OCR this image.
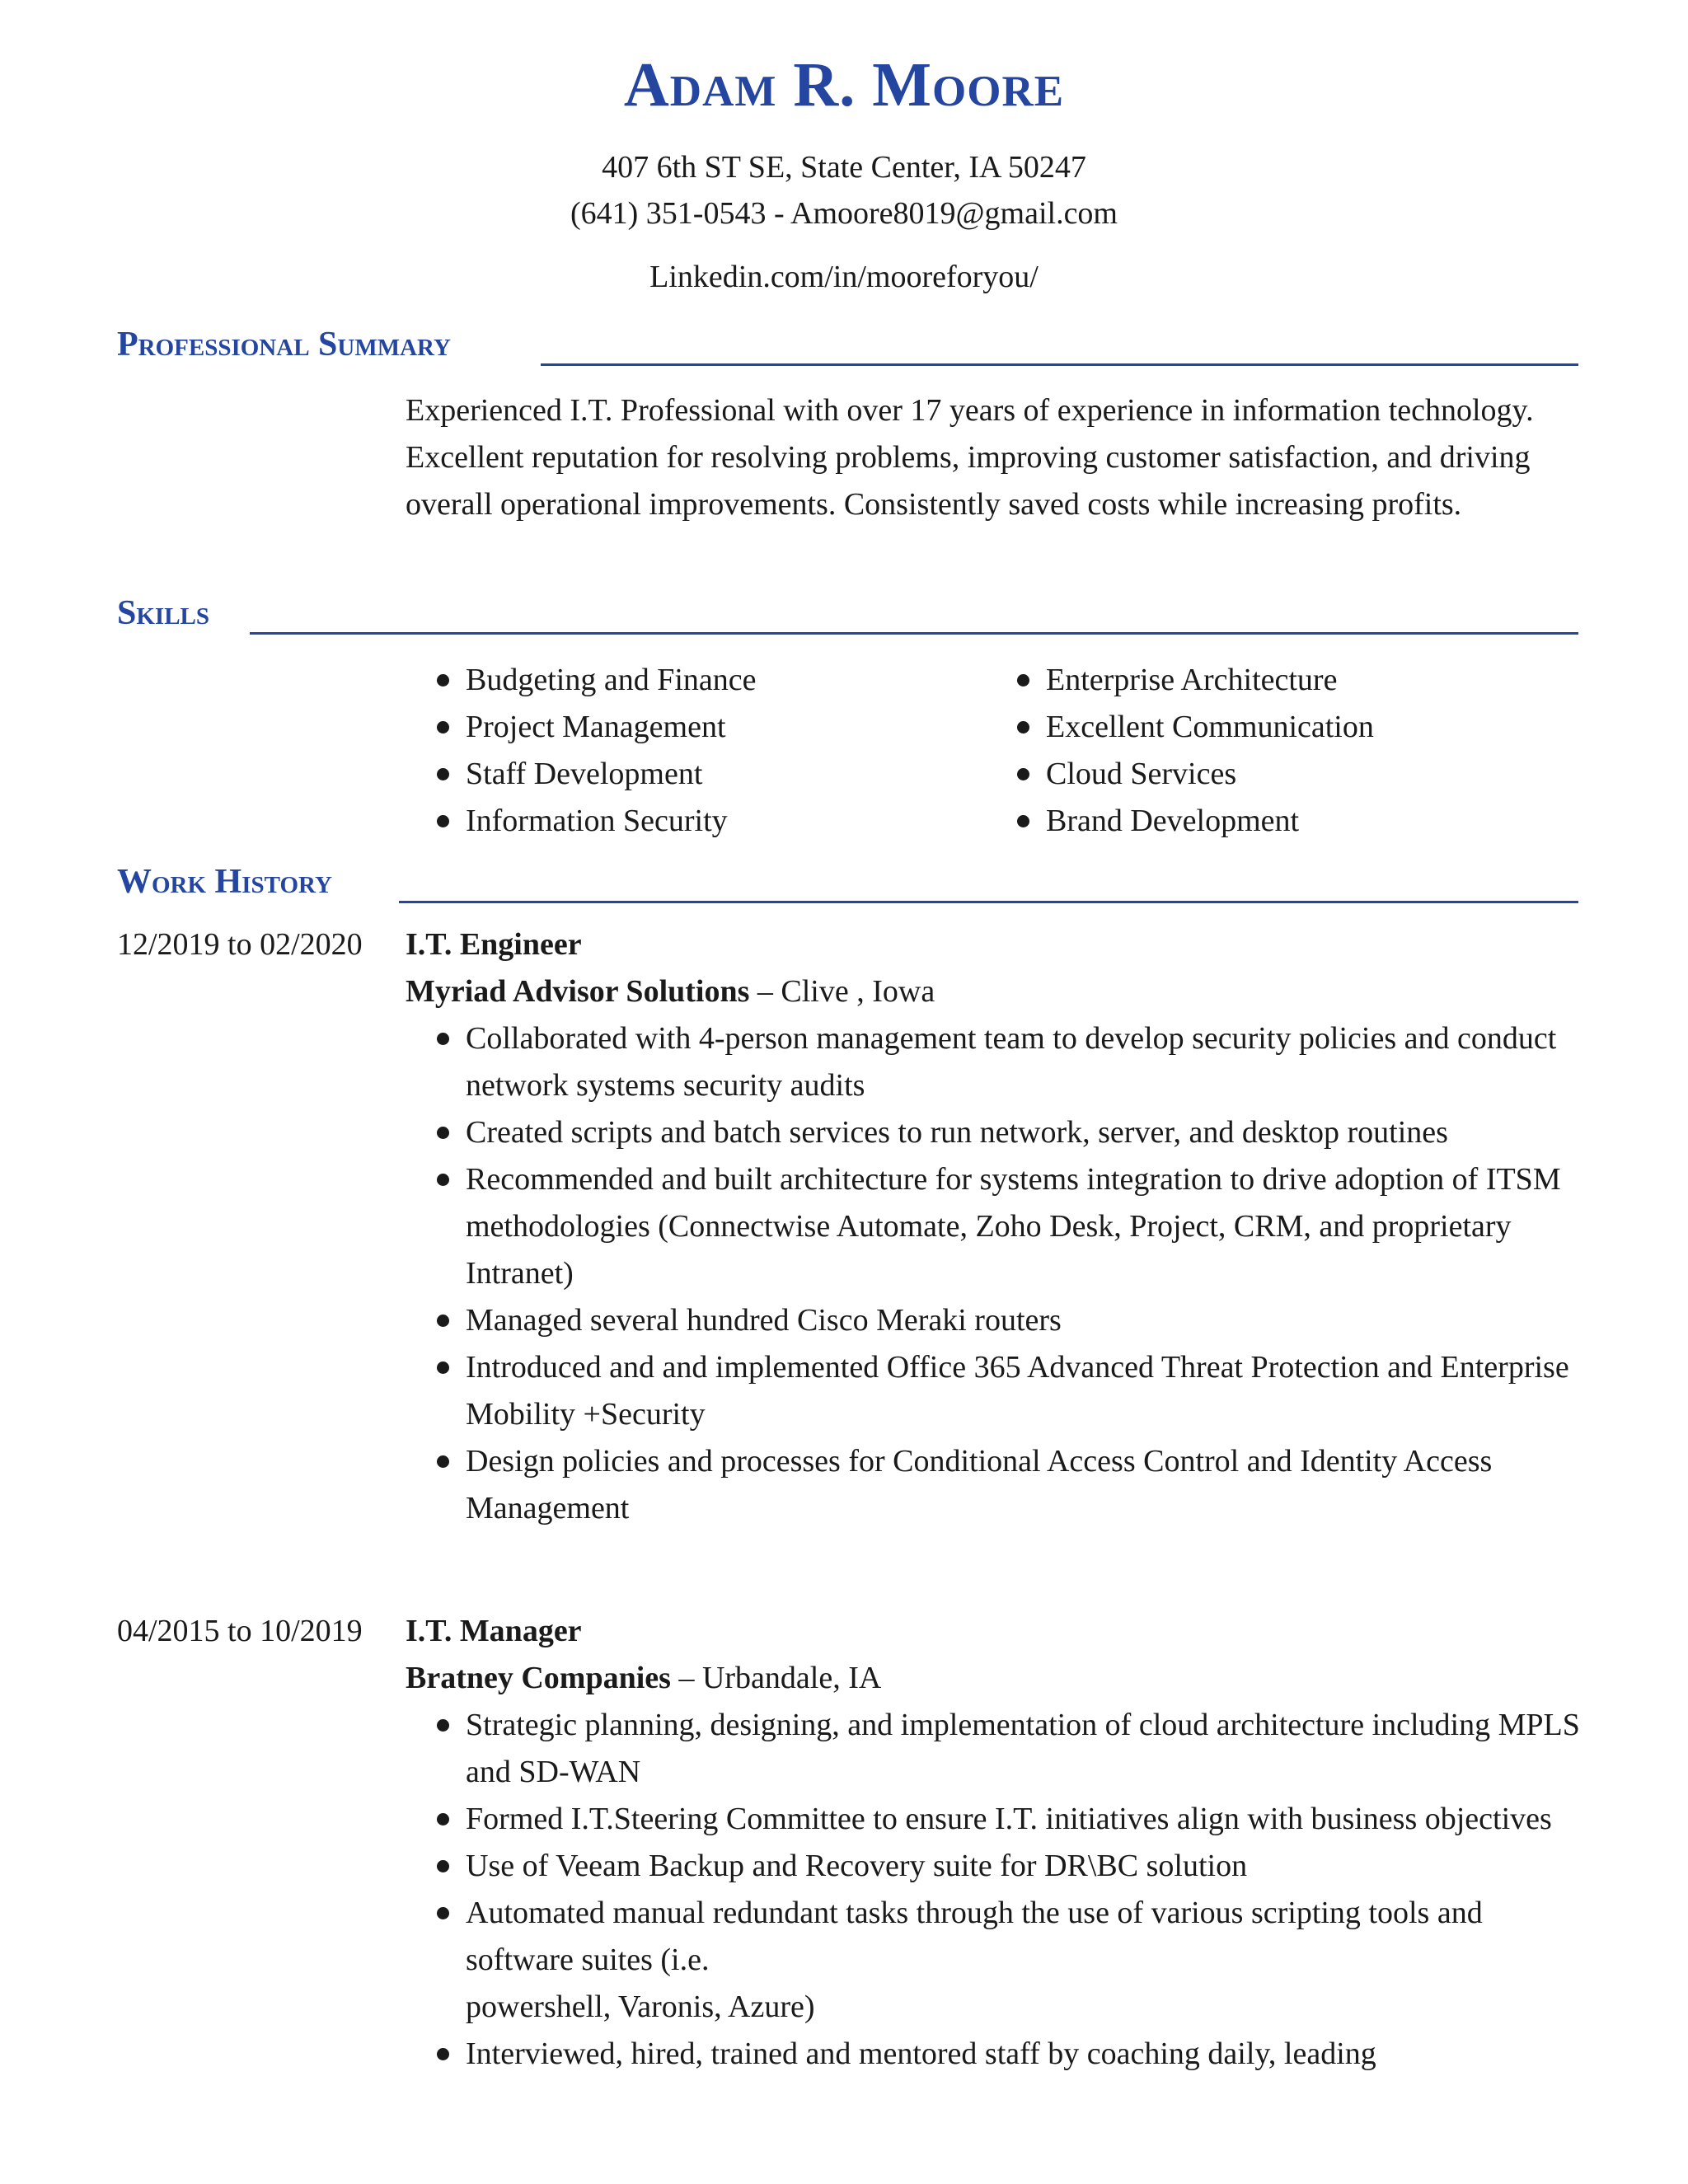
Adam R. Moore

407 6th ST SE, State Center, IA 50247

(641) 351-0543 - Amoore8019@gmail.com

Linkedin.com/in/mooreforyou/

Professional Summary

Experienced I.T. Professional with over 17 years of experience in information technology. Excellent reputation for resolving problems, improving customer satisfaction, and driving overall operational improvements. Consistently saved costs while increasing profits.

Skills
Budgeting and Finance
Project Management
Staff Development
Information Security
Enterprise Architecture
Excellent Communication
Cloud Services
Brand Development
Work History
12/2019 to 02/2020 I.T. Engineer

Myriad Advisor Solutions – Clive , Iowa

Collaborated with 4-person management team to develop security policies and conduct network systems security audits
Created scripts and batch services to run network, server, and desktop routines
Recommended and built architecture for systems integration to drive adoption of ITSM methodologies (Connectwise Automate, Zoho Desk, Project, CRM, and proprietary Intranet)
Managed several hundred Cisco Meraki routers
Introduced and and implemented Office 365 Advanced Threat Protection and Enterprise Mobility +Security
Design policies and processes for Conditional Access Control and Identity Access Management
04/2015 to 10/2019 I.T. Manager

Bratney Companies – Urbandale, IA

Strategic planning, designing, and implementation of cloud architecture including MPLS and SD-WAN
Formed I.T.Steering Committee to ensure I.T. initiatives align with business objectives
Use of Veeam Backup and Recovery suite for DR\BC solution
Automated manual redundant tasks through the use of various scripting tools and software suites (i.e.
powershell, Varonis, Azure)
Interviewed, hired, trained and mentored staff by coaching daily, leading
